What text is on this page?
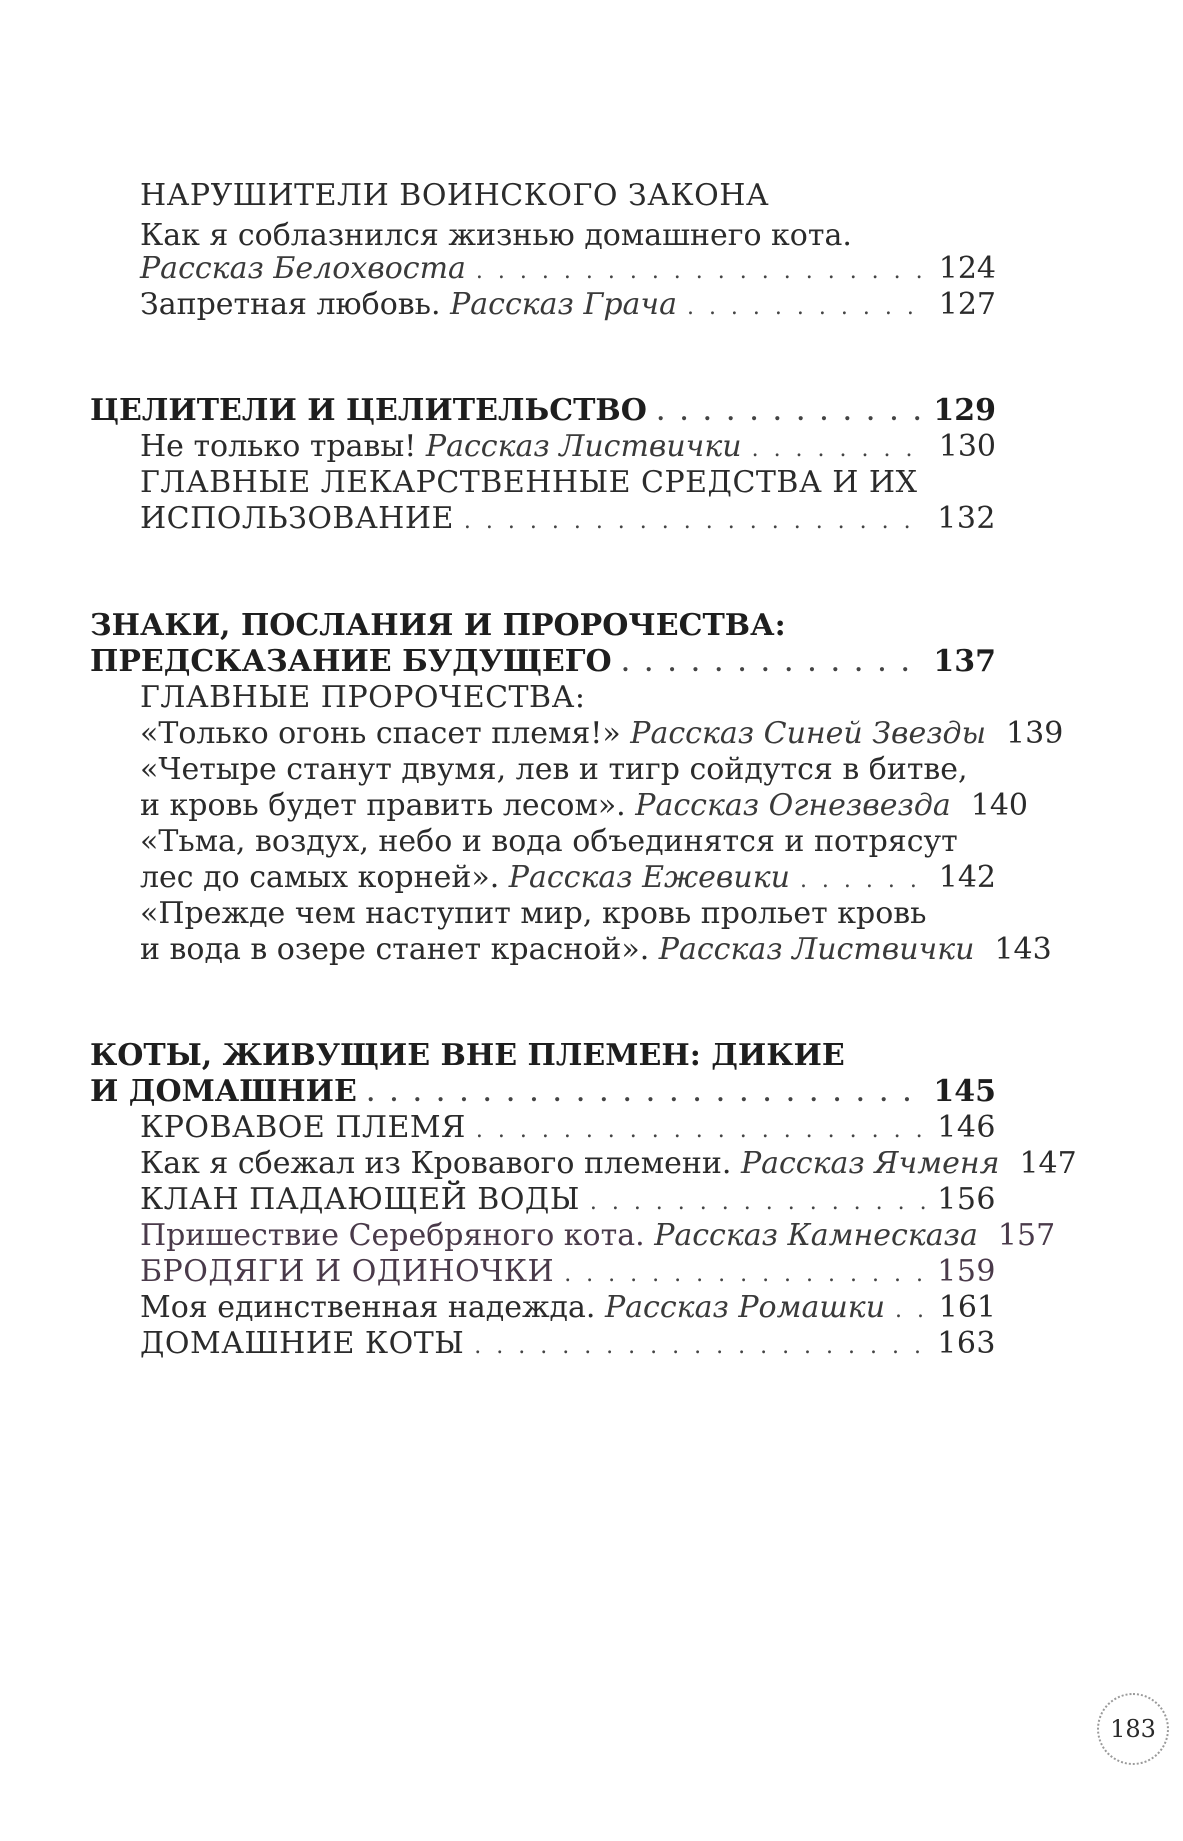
НАРУШИТЕЛИ ВОИНСКОГО ЗАКОНА
Как я соблазнился жизнью домашнего кота.
Рассказ Белохвоста . . .	124
Запретная любовь. Рассказ Грача . . .	127
ЦЕЛИТЕЛИ И ЦЕЛИТЕЛЬСТВО . . .	129
Не только травы! Рассказ Листвички . . .	130
ГЛАВНЫЕ ЛЕКАРСТВЕННЫЕ СРЕДСТВА И ИХ
ИСПОЛЬЗОВАНИЕ . . .	132
ЗНАКИ, ПОСЛАНИЯ И ПРОРОЧЕСТВА:
ПРЕДСКАЗАНИЕ БУДУЩЕГО . . .	137
ГЛАВНЫЕ ПРОРОЧЕСТВА:
«Только огонь спасет племя!» Рассказ Синей Звезды 139
«Четыре станут двумя, лев и тигр сойдутся в битве,
и кровь будет править лесом». Рассказ Огнезвезда 140
«Тьма, воздух, небо и вода объединятся и потрясут
лес до самых корней». Рассказ Ежевики . . .	142
«Прежде чем наступит мир, кровь прольет кровь
и вода в озере станет красной». Рассказ Листвички 143
КОТЫ, ЖИВУЩИЕ ВНЕ ПЛЕМЕН: ДИКИЕ
И ДОМАШНИЕ . . .	145
КРОВАВОЕ ПЛЕМЯ . . .	146
Как я сбежал из Кровавого племени. Рассказ Ячменя 147
КЛАН ПАДАЮЩЕЙ ВОДЫ . . .	156
Пришествие Серебряного кота. Рассказ Камнесказа 157
БРОДЯГИ И ОДИНОЧКИ . . .	159
Моя единственная надежда. Рассказ Ромашки . . . 161
ДОМАШНИЕ КОТЫ . . .	163
183
